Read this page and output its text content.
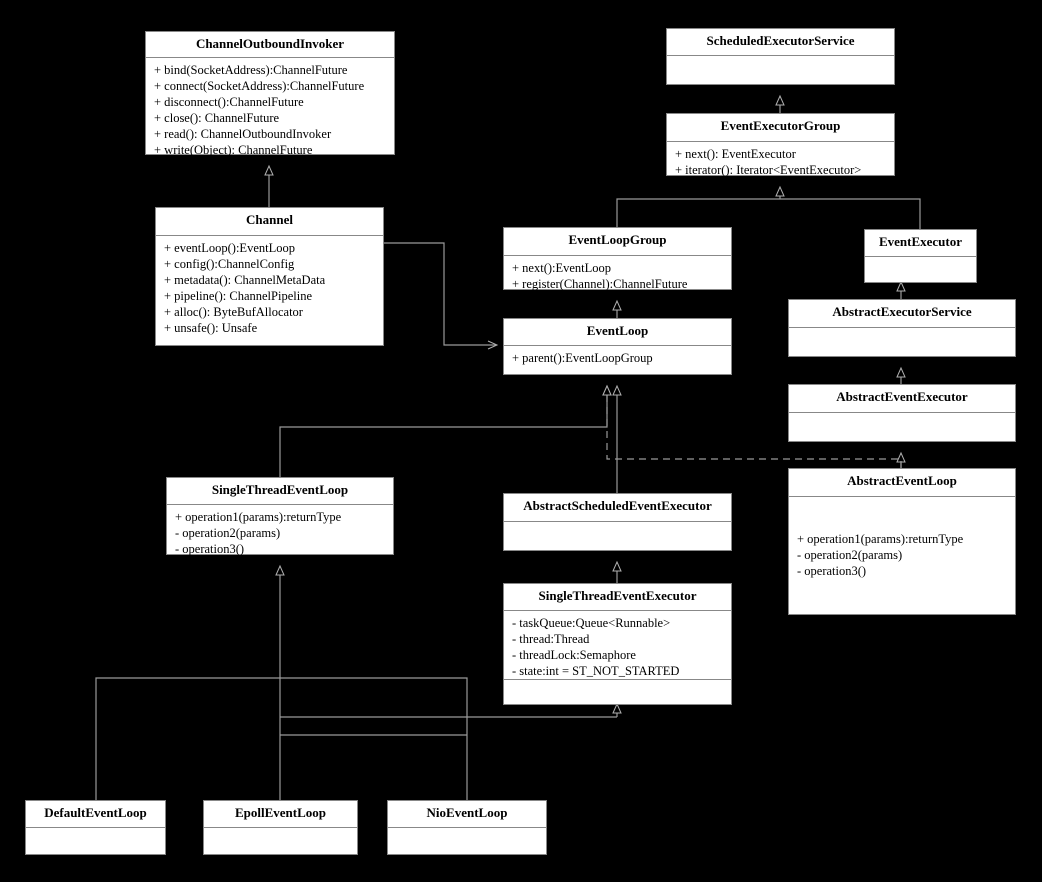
ChannelOutboundInvoker
+ bind(SocketAddress):ChannelFuture
+ connect(SocketAddress):ChannelFuture
+ disconnect():ChannelFuture
+ close(): ChannelFuture
+ read(): ChannelOutboundInvoker
+ write(Object): ChannelFuture
ScheduledExecutorService
EventExecutorGroup
+ next(): EventExecutor
+ iterator(): Iterator<EventExecutor>
Channel
+ eventLoop():EventLoop
+ config():ChannelConfig
+ metadata(): ChannelMetaData
+ pipeline(): ChannelPipeline
+ alloc(): ByteBufAllocator
+ unsafe(): Unsafe
EventLoopGroup
+ next():EventLoop
+ register(Channel):ChannelFuture
EventExecutor
EventLoop
+ parent():EventLoopGroup
AbstractExecutorService
AbstractEventExecutor
AbstractEventLoop
+ operation1(params):returnType
- operation2(params)
- operation3()
SingleThreadEventLoop
+ operation1(params):returnType
- operation2(params)
- operation3()
AbstractScheduledEventExecutor
SingleThreadEventExecutor
- taskQueue:Queue<Runnable>
- thread:Thread
- threadLock:Semaphore
- state:int = ST_NOT_STARTED
DefaultEventLoop	EpollEventLoop	NioEventLoop
